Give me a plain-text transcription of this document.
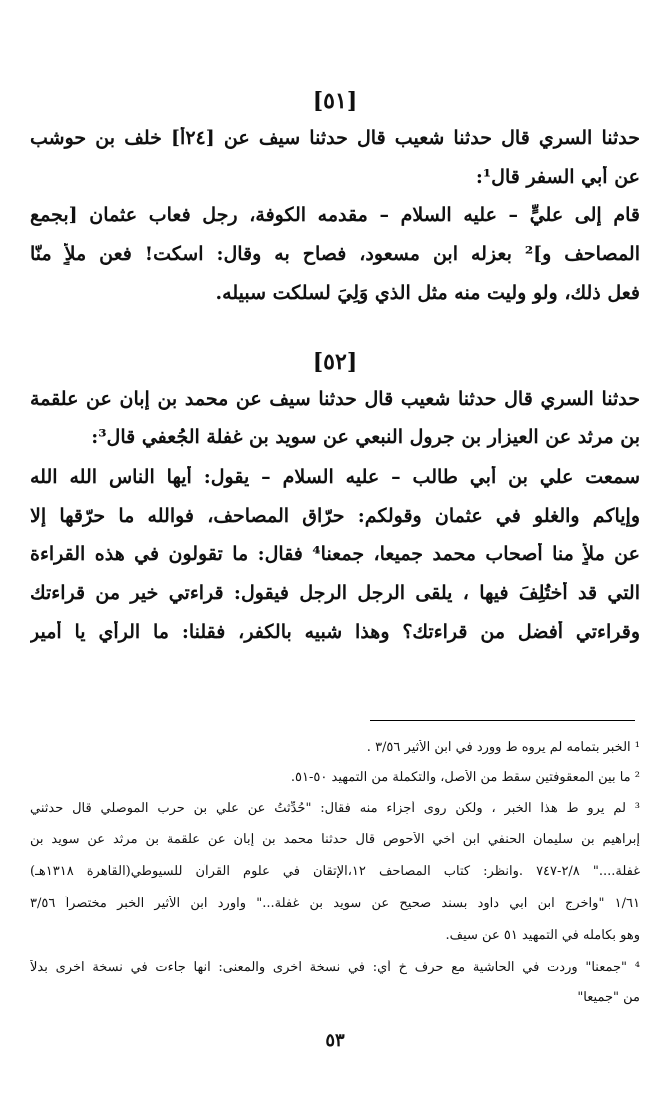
[٥١]
حدثنا السري قال حدثنا شعيب قال حدثنا سيف عن [٢٤أ] خلف بن حوشب
عن أبي السفر قال¹:
قام إلى عليٍّ – عليه السلام – مقدمه الكوفة، رجل فعاب عثمان [بجمع
المصاحف و]² بعزله ابن مسعود، فصاح به وقال: اسكت! فعن ملأٍ منّا
فعل ذلك، ولو وليت منه مثل الذي وَلِيَ لسلكت سبيله.
[٥٢]
حدثنا السري قال حدثنا شعيب قال حدثنا سيف عن محمد بن إبان عن علقمة
بن مرثد عن العيزار بن جرول النبعي عن سويد بن غفلة الجُعفي قال³:
سمعت علي بن أبي طالب – عليه السلام – يقول: أيها الناس الله الله
وإياكم والغلو في عثمان وقولكم: حرّاق المصاحف، فوالله ما حرّقها إلا
عن ملأٍ منا أصحاب محمد جميعا، جمعنا⁴ فقال: ما تقولون في هذه القراءة
التي قد أُختُلِفَ فيها ، يلقى الرجل الرجل فيقول: قراءتي خير من قراءتك
وقراءتي أفضل من قراءتك؟ وهذا شبيه بالكفر، فقلنا: ما الرأي يا أمير
¹ الخبر بتمامه لم يروه ط وورد في ابن الأثير ٣/٥٦ .
² ما بين المعقوفتين سقط من الأصل، والتكملة من التمهيد ٥٠-٥١.
³ لم يرو ط هذا الخبر ، ولكن روى أجزاء منه فقال: "حُدِّثتُ عن علي بن حرب الموصلي قال حدثني
إبراهيم بن سليمان الحنفي ابن أخي الأحوص قال حدثنا محمد بن إبان عن علقمة بن مرثد عن سويد بن
غفلة...." ٢/٨-٧٤٧ .وانظر: كتاب المصاحف ١٢،الإتقان في علوم القرآن للسيوطي(القاهرة ١٣١٨هـ)
١/٦١ "واخرج ابن ابي داود بسند صحيح عن سويد بن غفلة..." واورد ابن الأثير الخبر مختصراً ٣/٥٦
وهو بكامله في التمهيد ٥١ عن سيف.
⁴ "جمعنا" وردت في الحاشية مع حرف خ أي: في نسخة اخرى والمعنى: انها جاءت في نسخة اخرى بدلاً
من "جميعا"
٥٣
